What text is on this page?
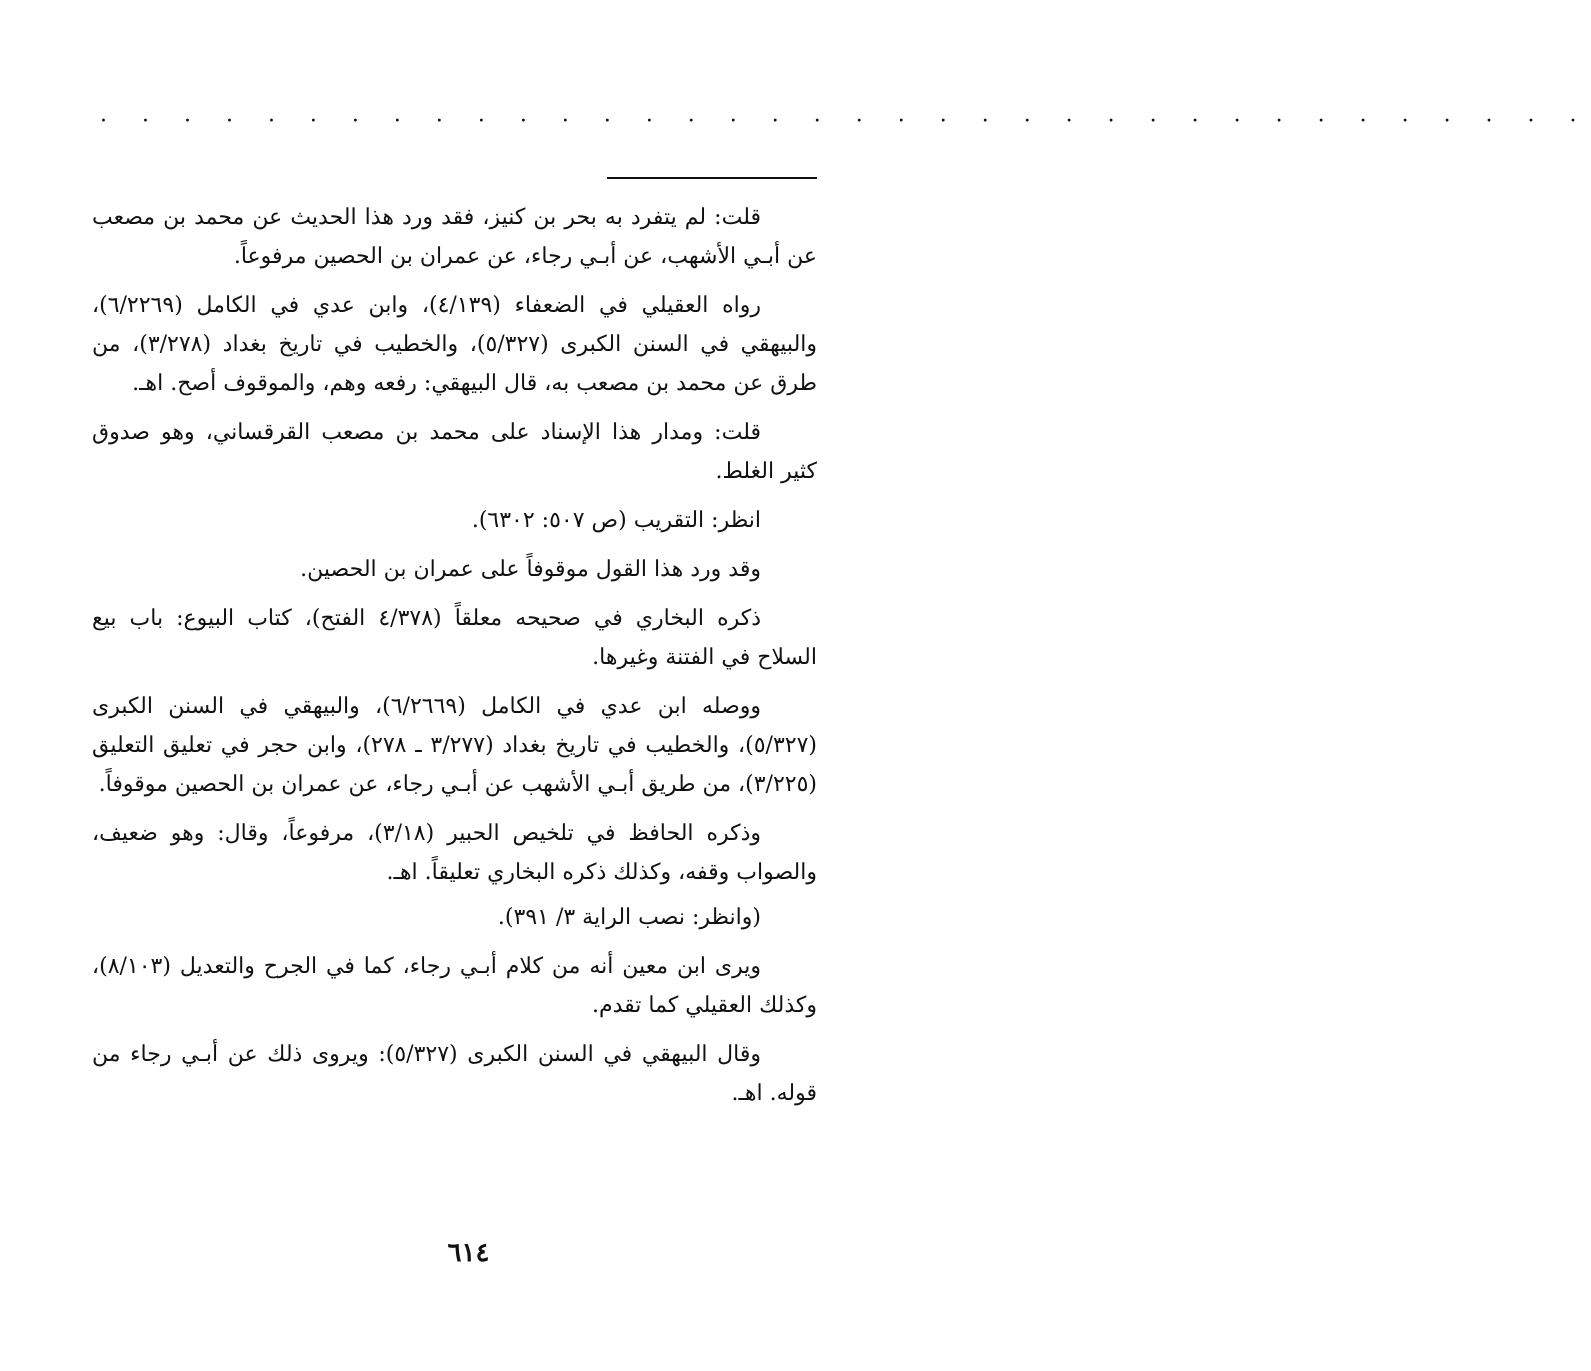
· · · · · · · · · · · · · · · · · · · · · · · · · · · · · · · · · · · ·

قلت: لم يتفرد به بحر بن كنيز، فقد ورد هذا الحديث عن محمد بن مصعب عن أبـي الأشهب، عن أبـي رجاء، عن عمران بن الحصين مرفوعاً.

رواه العقيلي في الضعفاء (٤/١٣٩)، وابن عدي في الكامل (٦/٢٢٦٩)، والبيهقي في السنن الكبرى (٥/٣٢٧)، والخطيب في تاريخ بغداد (٣/٢٧٨)، من طرق عن محمد بن مصعب به، قال البيهقي: رفعه وهم، والموقوف أصح. اهـ.

قلت: ومدار هذا الإسناد على محمد بن مصعب القرقساني، وهو صدوق كثير الغلط.

انظر: التقريب (ص ٥٠٧: ٦٣٠٢).

وقد ورد هذا القول موقوفاً على عمران بن الحصين.

ذكره البخاري في صحيحه معلقاً (٤/٣٧٨ الفتح)، كتاب البيوع: باب بيع السلاح في الفتنة وغيرها.

ووصله ابن عدي في الكامل (٦/٢٦٦٩)، والبيهقي في السنن الكبرى (٥/٣٢٧)، والخطيب في تاريخ بغداد (٣/٢٧٧ ـ ٢٧٨)، وابن حجر في تعليق التعليق (٣/٢٢٥)، من طريق أبـي الأشهب عن أبـي رجاء، عن عمران بن الحصين موقوفاً.

وذكره الحافظ في تلخيص الحبير (٣/١٨)، مرفوعاً، وقال: وهو ضعيف، والصواب وقفه، وكذلك ذكره البخاري تعليقاً. اهـ.

(وانظر: نصب الراية ٣/ ٣٩١).

ويرى ابن معين أنه من كلام أبـي رجاء، كما في الجرح والتعديل (٨/١٠٣)، وكذلك العقيلي كما تقدم.

وقال البيهقي في السنن الكبرى (٥/٣٢٧): ويروى ذلك عن أبـي رجاء من قوله. اهـ.

٦١٤
